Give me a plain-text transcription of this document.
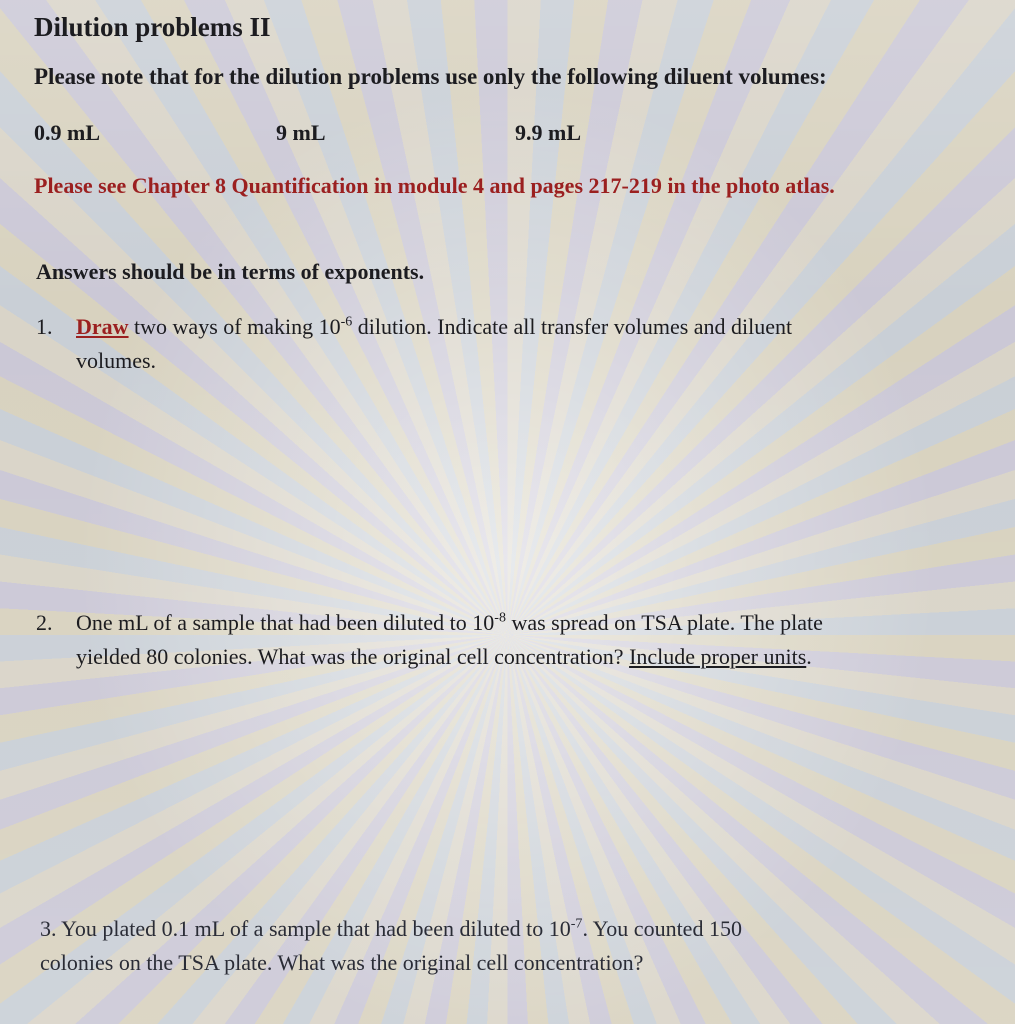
Dilution problems II

Please note that for the dilution problems use only the following diluent volumes:

0.9 mL	9 mL	9.9 mL

Please see Chapter 8 Quantification in module 4 and pages 217-219 in the photo atlas.

Answers should be in terms of exponents.

1. Draw two ways of making $10^{-6}$ dilution. Indicate all transfer volumes and diluent
volumes.
2. One mL of a sample that had been diluted to $10^{-8}$ was spread on TSA plate. The plate
yielded 80 colonies. What was the original cell concentration? Include proper units.
3. You plated 0.1 mL of a sample that had been diluted to $10^{-7}$. You counted 150
colonies on the TSA plate. What was the original cell concentration?
